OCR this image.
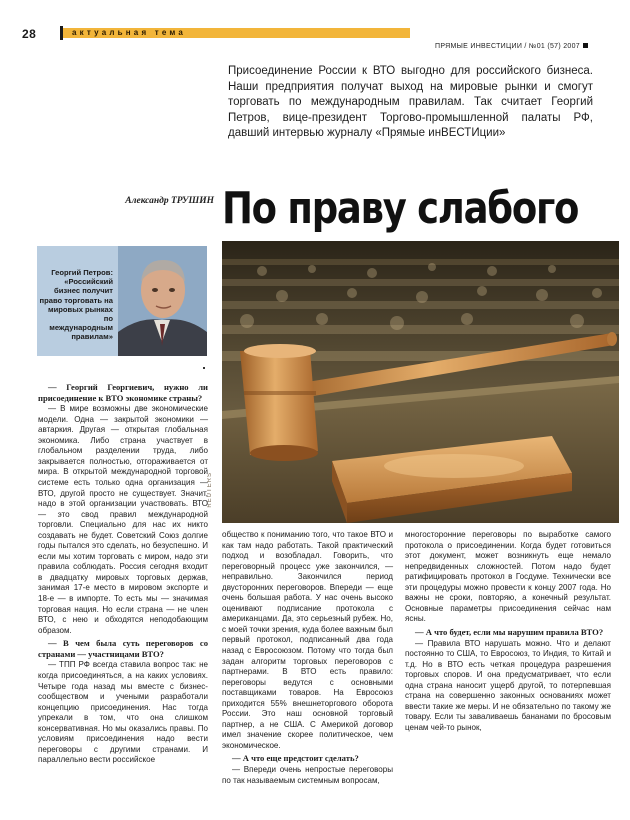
28	актуальная тема
ПРЯМЫЕ ИНВЕСТИЦИИ / №01 (57) 2007
Присоединение России к ВТО выгодно для российского бизнеса. Наши предприятия получат выход на мировые рынки и смогут торговать по международным правилам. Так считает Георгий Петров, вице-президент Торгово-промышленной палаты РФ, давший интервью журналу «Прямые инВЕСТИции»
Александр ТРУШИН По праву слабого
REUTERS
Георгий Петров: «Российский бизнес получит право торговать на мировых рынках по международным правилам»

— Георгий Георгиевич, нужно ли присоединение к ВТО экономике страны?

— В мире возможны две экономические модели. Одна — закрытой экономики — автаркия. Другая — открытая глобальная экономика. Либо страна участвует в глобальном разделении труда, либо закрывается полностью, отгораживается от мира. В открытой международной торговой системе есть только одна организация — ВТО, другой просто не существует. Значит, надо в этой организации участвовать. ВТО — это свод правил международной торговли. Специально для нас их никто создавать не будет. Советский Союз долгие годы пытался это сделать, но безуспешно. И если мы хотим торговать с миром, надо эти правила соблюдать. Россия сегодня входит в двадцатку мировых торговых держав, занимая 17-е место в мировом экспорте и 18-е — в импорте. То есть мы — значимая торговая нация. Но если страна — не член ВТО, с нею и обходятся неподобающим образом.

— В чем была суть переговоров со странами — участницами ВТО?

— ТПП РФ всегда ставила вопрос так: не когда присоединяться, а на каких условиях. Четыре года назад мы вместе с бизнес-сообществом и учеными разработали концепцию присоединения. Нас тогда упрекали в том, что она слишком консервативная. Но мы оказались правы. По условиям присоединения надо вести переговоры с другими странами. И параллельно вести российское

общество к пониманию того, что такое ВТО и как там надо работать. Такой практический подход и возобладал. Говорить, что переговорный процесс уже закончился, — неправильно. Закончился период двусторонних переговоров. Впереди — еще очень большая работа. У нас очень высоко оценивают подписание протокола с американцами. Да, это серьезный рубеж. Но, с моей точки зрения, куда более важным был первый протокол, подписанный два года назад с Евросоюзом. Потому что тогда был задан алгоритм торговых переговоров с партнерами. В ВТО есть правило: переговоры ведутся с основными поставщиками товаров. На Евросоюз приходится 55% внешнеторгового оборота России. Это наш основной торговый партнер, а не США. С Америкой договор имел значение скорее политическое, чем экономическое.

— А что еще предстоит сделать?

— Впереди очень непростые переговоры по так называемым системным вопросам,

многосторонние переговоры по выработке самого протокола о присоединении. Когда будет готовиться этот документ, может возникнуть еще немало непредвиденных сложностей. Потом надо будет ратифицировать протокол в Госдуме. Технически все эти процедуры можно провести к концу 2007 года. Но важны не сроки, повторяю, а конечный результат. Основные параметры присоединения сейчас нам ясны.

— А что будет, если мы нарушим правила ВТО?

— Правила ВТО нарушать можно. Что и делают постоянно то США, то Евросоюз, то Индия, то Китай и т.д. Но в ВТО есть четкая процедура разрешения торговых споров. И она предусматривает, что если одна страна наносит ущерб другой, то потерпевшая страна на совершенно законных основаниях может ввести такие же меры. И не обязательно по такому же товару. Если ты заваливаешь бананами по бросовым ценам чей-то рынок,
